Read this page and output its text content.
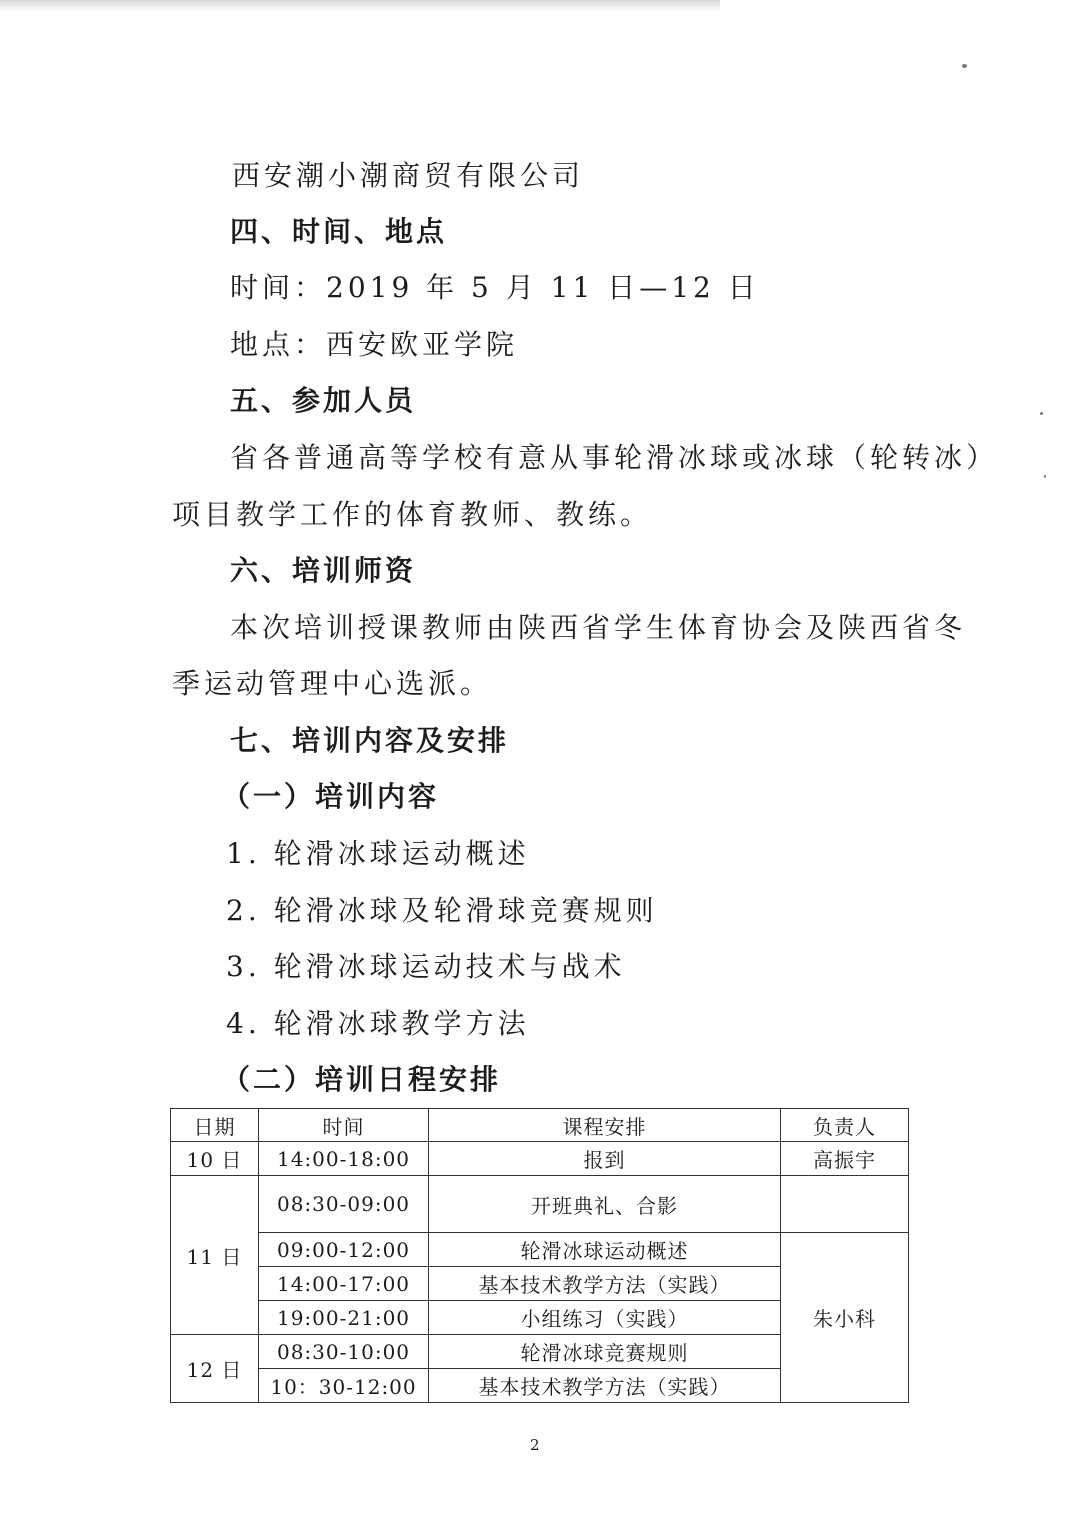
西安潮小潮商贸有限公司
四、时间、地点
时间：2019 年 5 月 11 日—12 日
地点：西安欧亚学院
五、参加人员
省各普通高等学校有意从事轮滑冰球或冰球（轮转冰）
项目教学工作的体育教师、教练。
六、培训师资
本次培训授课教师由陕西省学生体育协会及陕西省冬
季运动管理中心选派。
七、培训内容及安排
（一）培训内容
1. 轮滑冰球运动概述
2. 轮滑冰球及轮滑球竞赛规则
3. 轮滑冰球运动技术与战术
4. 轮滑冰球教学方法
（二）培训日程安排
日期	时间	课程安排	负责人
10 日	14:00-18:00	报到	高振宇
11 日	08:30-09:00	开班典礼、合影	
	09:00-12:00	轮滑冰球运动概述	朱小科
	14:00-17:00	基本技术教学方法（实践）	
	19:00-21:00	小组练习（实践）	
12 日	08:30-10:00	轮滑冰球竞赛规则	
	10：30-12:00	基本技术教学方法（实践）	
2
